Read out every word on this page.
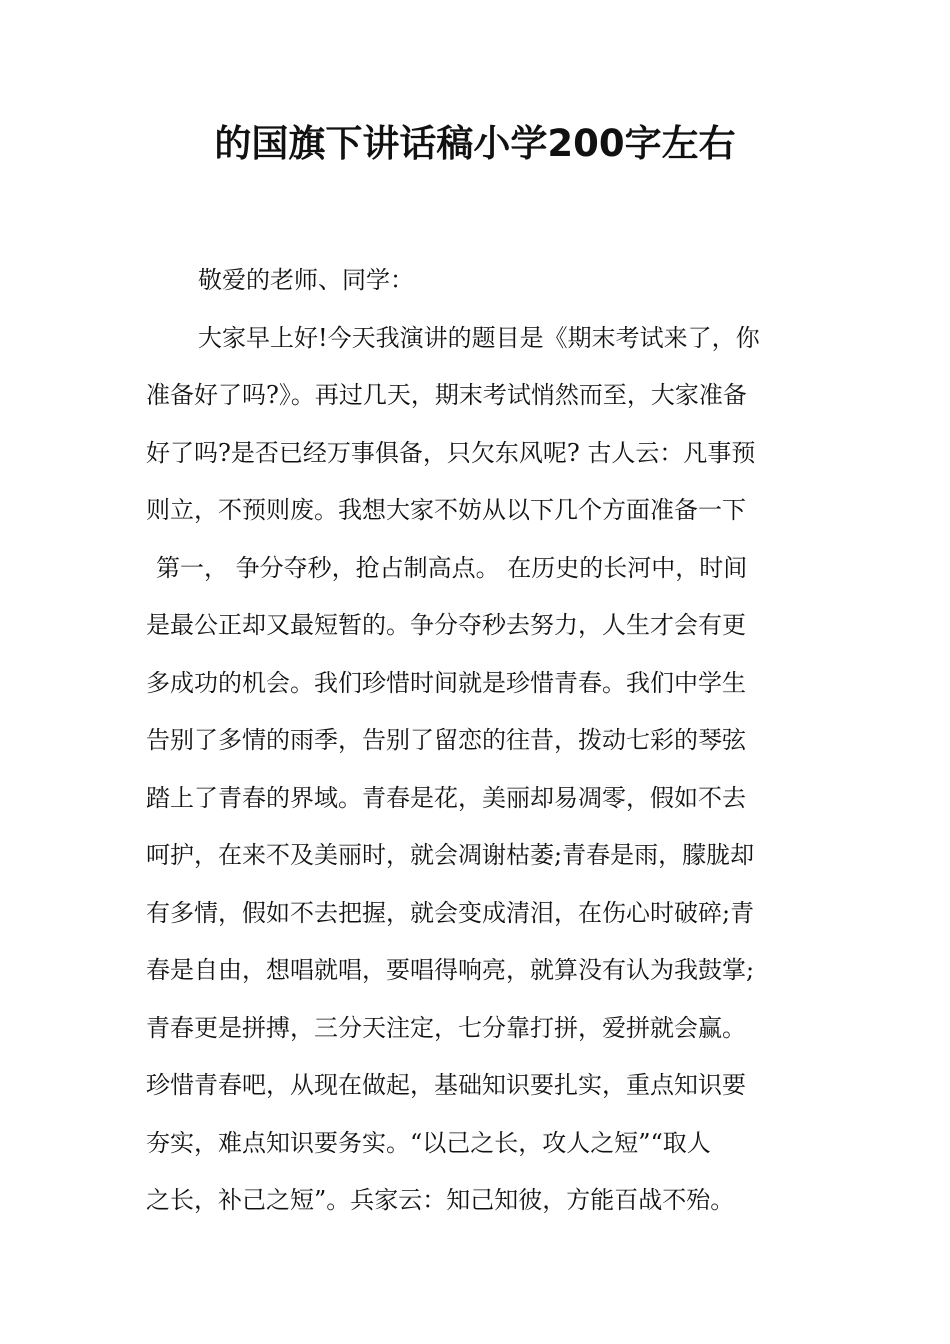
的国旗下讲话稿小学200字左右
敬爱的老师、同学：
大家早上好!今天我演讲的题目是《期末考试来了，你
准备好了吗?》。再过几天，期末考试悄然而至，大家准备
好了吗?是否已经万事俱备，只欠东风呢? 古人云：凡事预
则立，不预则废。我想大家不妨从以下几个方面准备一下
第一， 争分夺秒，抢占制高点。 在历史的长河中，时间
是最公正却又最短暂的。争分夺秒去努力，人生才会有更
多成功的机会。我们珍惜时间就是珍惜青春。我们中学生
告别了多情的雨季，告别了留恋的往昔，拨动七彩的琴弦
踏上了青春的界域。青春是花，美丽却易凋零，假如不去
呵护，在来不及美丽时，就会凋谢枯萎;青春是雨，朦胧却
有多情，假如不去把握，就会变成清泪，在伤心时破碎;青
春是自由，想唱就唱，要唱得响亮，就算没有认为我鼓掌;
青春更是拼搏，三分天注定，七分靠打拼，爱拼就会赢。
珍惜青春吧，从现在做起，基础知识要扎实，重点知识要
夯实，难点知识要务实。“以己之长，攻人之短”“取人
之长，补己之短”。兵家云：知己知彼，方能百战不殆。
